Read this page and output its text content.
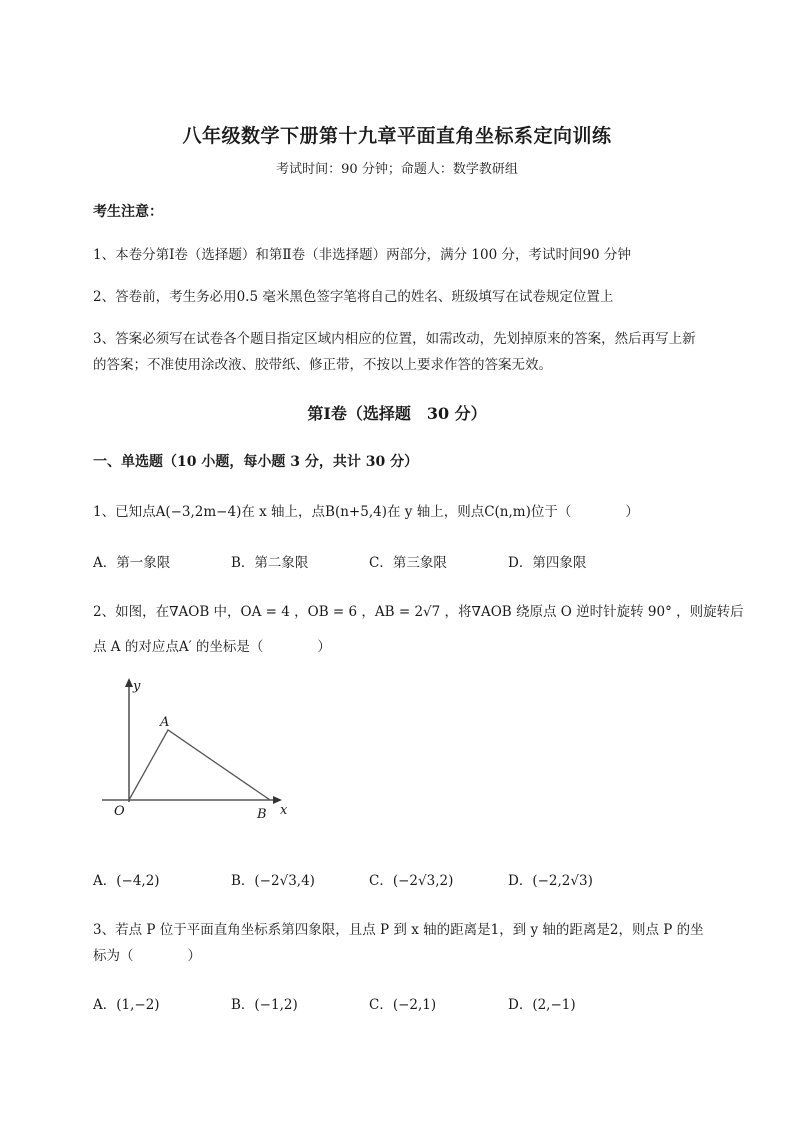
八年级数学下册第十九章平面直角坐标系定向训练
考试时间：90 分钟；命题人：数学教研组
考生注意：
1、本卷分第Ⅰ卷（选择题）和第Ⅱ卷（非选择题）两部分，满分 100 分，考试时间90 分钟
2、答卷前，考生务必用0.5 毫米黑色签字笔将自己的姓名、班级填写在试卷规定位置上
3、答案必须写在试卷各个题目指定区域内相应的位置，如需改动，先划掉原来的答案，然后再写上新
的答案；不准使用涂改液、胶带纸、修正带，不按以上要求作答的答案无效。
第Ⅰ卷（选择题　30 分）
一、单选题（10 小题，每小题 3 分，共计 30 分）
1、已知点A(−3,2m−4)在 x 轴上，点B(n+5,4)在 y 轴上，则点C(n,m)位于（　　　　）
A．第一象限	B．第二象限	C．第三象限	D．第四象限
2、如图，在∇AOB 中，OA = 4 ，OB = 6 ，AB = 2√7 ，将∇AOB 绕原点 O 逆时针旋转 90° ，则旋转后
点 A 的对应点A′ 的坐标是（　　　　）
y
x
A
O	B
A．(−4,2)	B．(−2√3,4)	C．(−2√3,2)	D．(−2,2√3)
3、若点 P 位于平面直角坐标系第四象限，且点 P 到 x 轴的距离是1，到 y 轴的距离是2，则点 P 的坐
标为（　　　　）
A．(1,−2)	B．(−1,2)	C．(−2,1)	D．(2,−1)
